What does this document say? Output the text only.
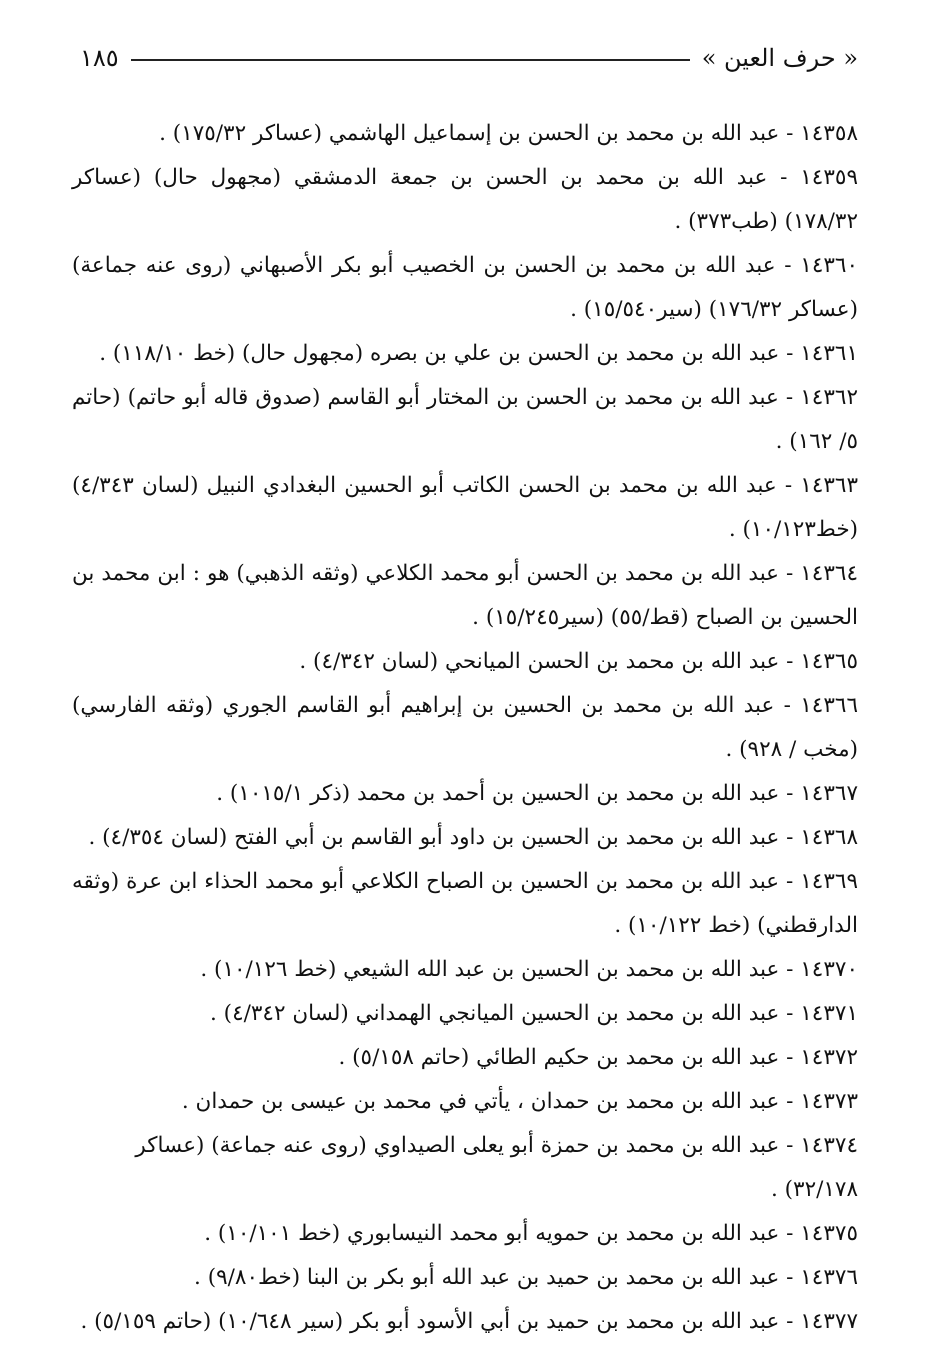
« حرف العين »
١٨٥

١٤٣٥٨ - عبد الله بن محمد بن الحسن بن إسماعيل الهاشمي (عساكر ١٧٥/٣٢) .

١٤٣٥٩ - عبد الله بن محمد بن الحسن بن جمعة الدمشقي (مجهول حال) (عساكر ١٧٨/٣٢) (طب٣٧٣) .

١٤٣٦٠ - عبد الله بن محمد بن الحسن بن الخصيب أبو بكر الأصبهاني (روى عنه جماعة) (عساكر ١٧٦/٣٢) (سير١٥/٥٤٠) .

١٤٣٦١ - عبد الله بن محمد بن الحسن بن علي بن بصره (مجهول حال) (خط ١١٨/١٠) .

١٤٣٦٢ - عبد الله بن محمد بن الحسن بن المختار أبو القاسم (صدوق قاله أبو حاتم) (حاتم ٥/ ١٦٢) .

١٤٣٦٣ - عبد الله بن محمد بن الحسن الكاتب أبو الحسين البغدادي النبيل (لسان ٤/٣٤٣) (خط١٠/١٢٣) .

١٤٣٦٤ - عبد الله بن محمد بن الحسن أبو محمد الكلاعي (وثقه الذهبي) هو : ابن محمد بن الحسين بن الصباح (قط/٥٥) (سير١٥/٢٤٥) .

١٤٣٦٥ - عبد الله بن محمد بن الحسن الميانحي (لسان ٤/٣٤٢) .

١٤٣٦٦ - عبد الله بن محمد بن الحسين بن إبراهيم أبو القاسم الجوري (وثقه الفارسي) (مخب / ٩٢٨) .

١٤٣٦٧ - عبد الله بن محمد بن الحسين بن أحمد بن محمد (ذكر ١٠١٥/١) .

١٤٣٦٨ - عبد الله بن محمد بن الحسين بن داود أبو القاسم بن أبي الفتح (لسان ٤/٣٥٤) .

١٤٣٦٩ - عبد الله بن محمد بن الحسين بن الصباح الكلاعي أبو محمد الحذاء ابن عرة (وثقه الدارقطني) (خط ١٠/١٢٢) .

١٤٣٧٠ - عبد الله بن محمد بن الحسين بن عبد الله الشيعي (خط ١٠/١٢٦) .

١٤٣٧١ - عبد الله بن محمد بن الحسين الميانجي الهمداني (لسان ٤/٣٤٢) .

١٤٣٧٢ - عبد الله بن محمد بن حكيم الطائي (حاتم ٥/١٥٨) .

١٤٣٧٣ - عبد الله بن محمد بن حمدان ، يأتي في محمد بن عيسى بن حمدان .

١٤٣٧٤ - عبد الله بن محمد بن حمزة أبو يعلى الصيداوي (روى عنه جماعة) (عساكر ٣٢/١٧٨) .

١٤٣٧٥ - عبد الله بن محمد بن حمويه أبو محمد النيسابوري (خط ١٠/١٠١) .

١٤٣٧٦ - عبد الله بن محمد بن حميد بن عبد الله أبو بكر بن البنا (خط٩/٨٠) .

١٤٣٧٧ - عبد الله بن محمد بن حميد بن أبي الأسود أبو بكر (سير ١٠/٦٤٨) (حاتم ٥/١٥٩) .
